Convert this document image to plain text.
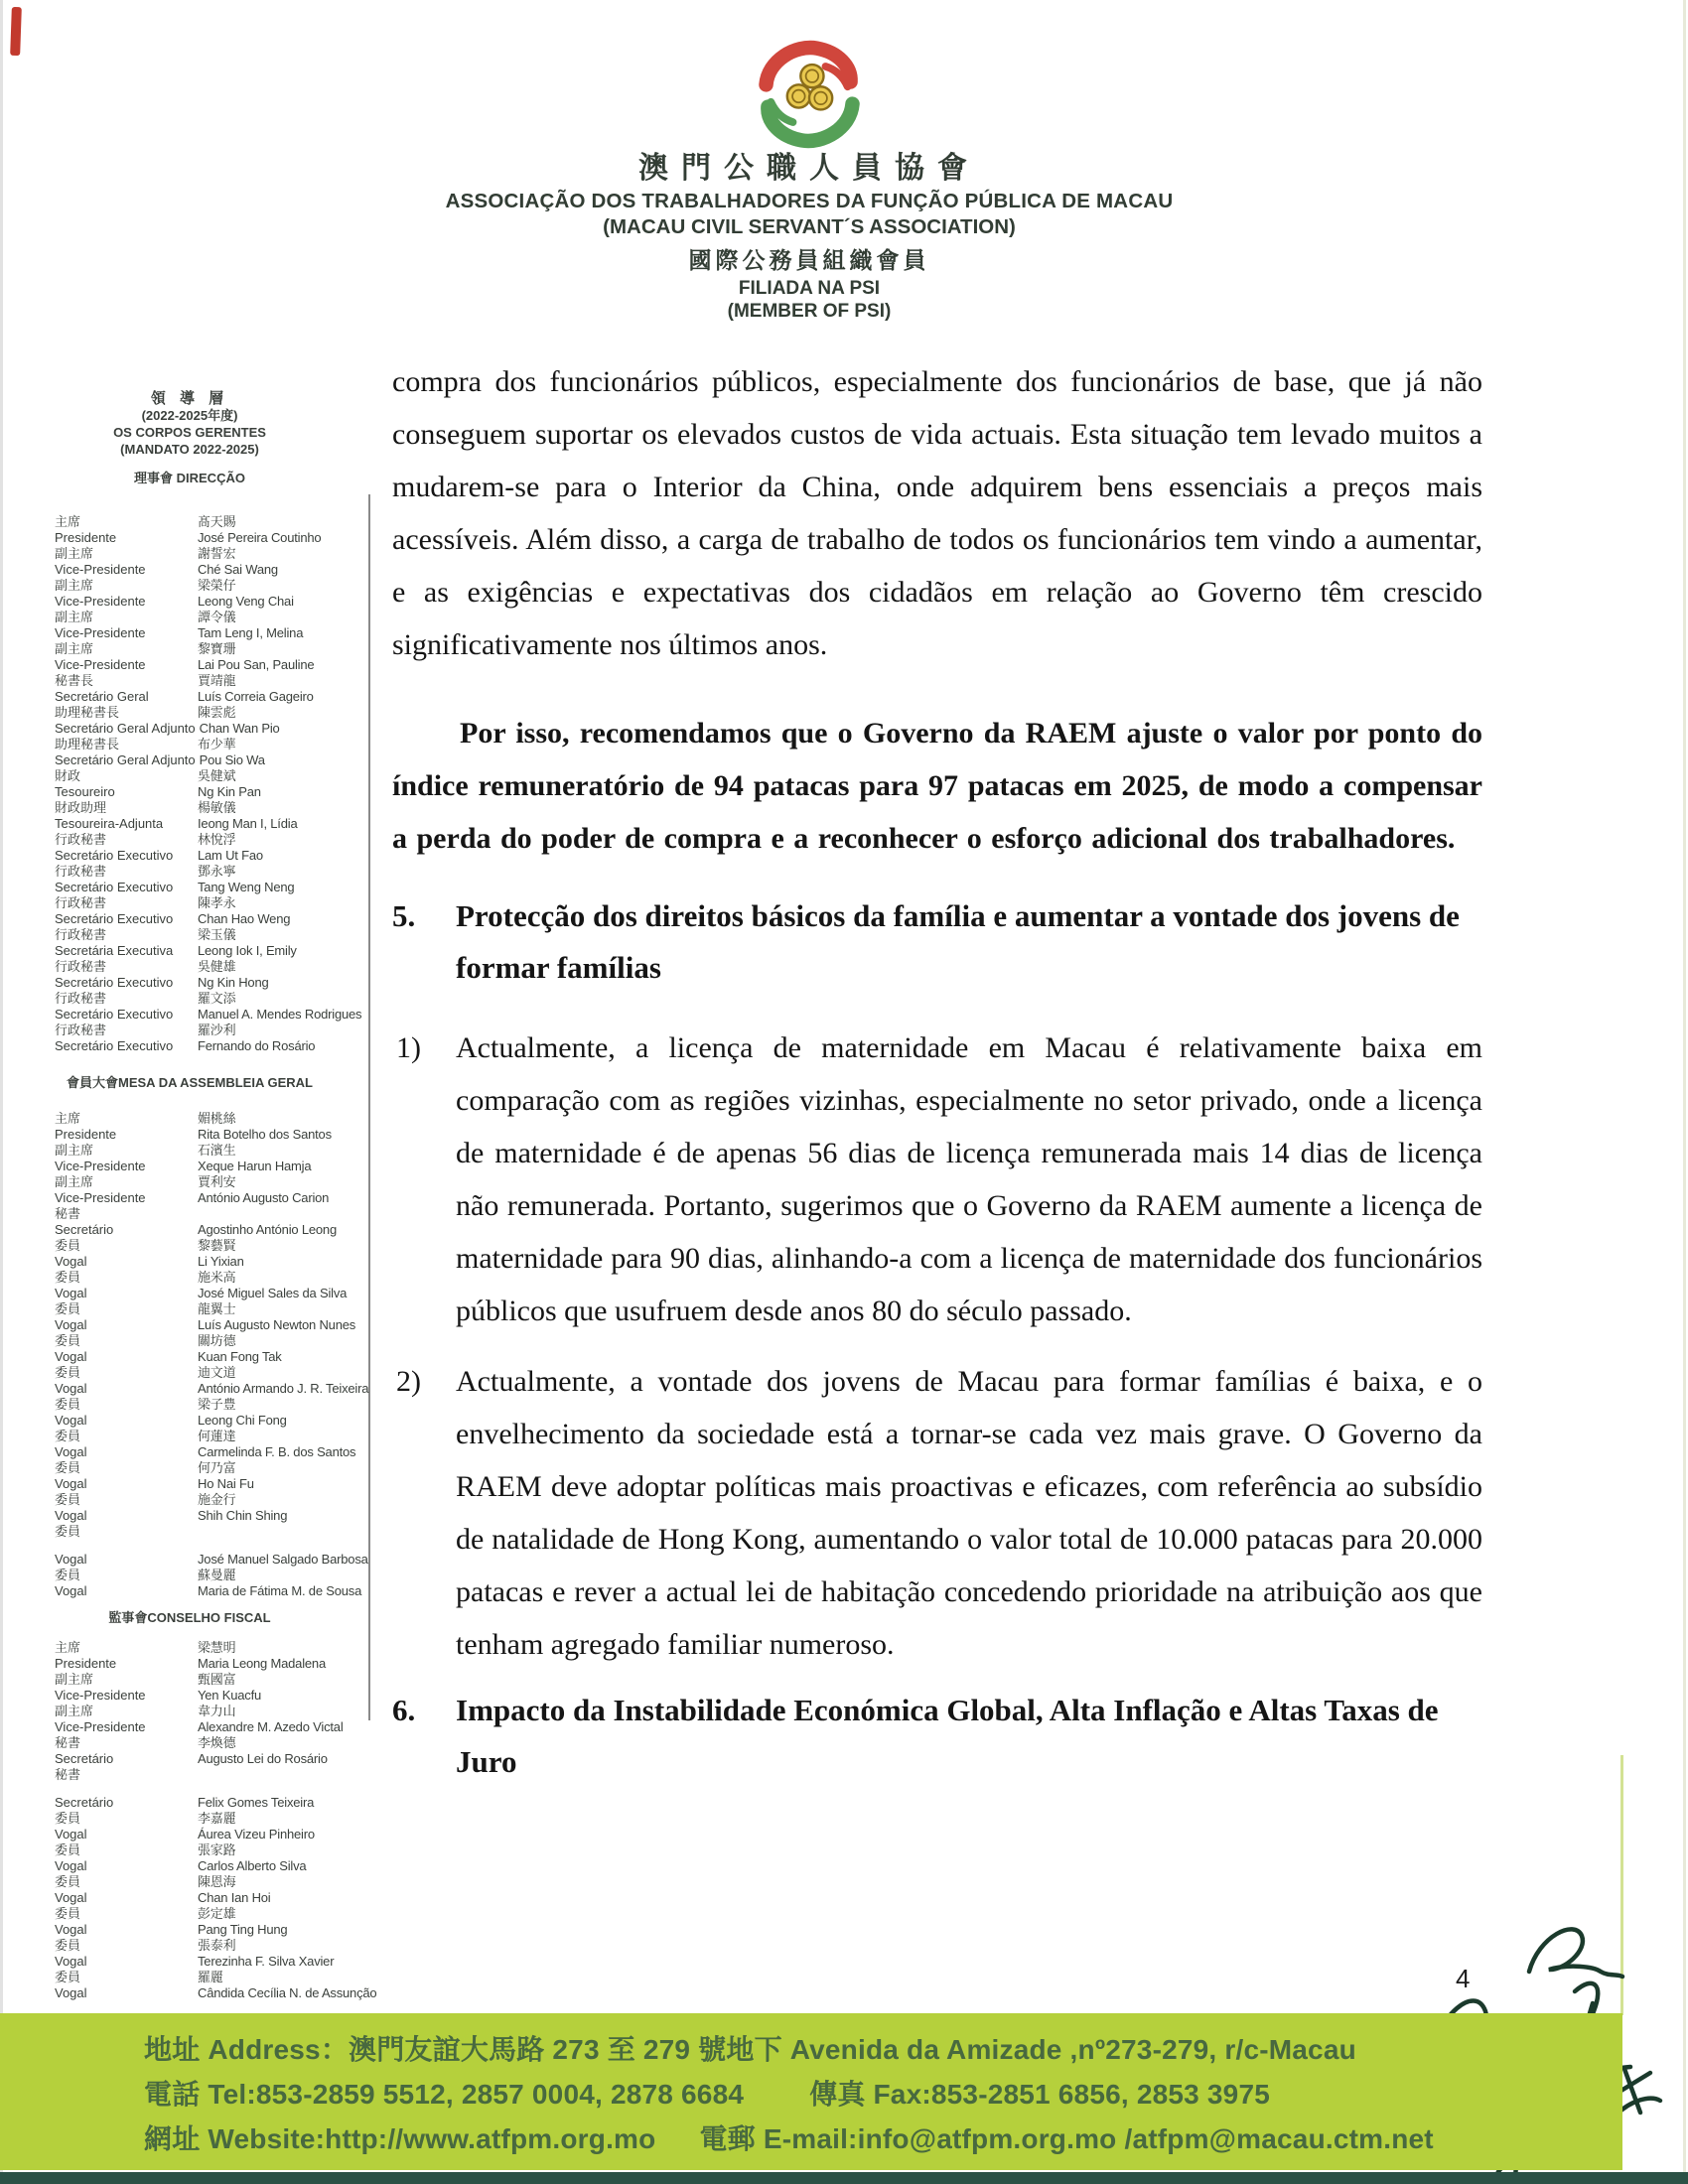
澳門公職人員協會
ASSOCIAÇÃO DOS TRABALHADORES DA FUNÇÃO PÚBLICA DE MACAU
(MACAU CIVIL SERVANT´S ASSOCIATION)
國際公務員組織會員
FILIADA NA PSI
(MEMBER OF PSI)
領 導 層
(2022-2025年度)
OS CORPOS GERENTES
(MANDATO 2022-2025)
理事會 DIRECÇÃO
主席	髙天賜
Presidente	José Pereira Coutinho
副主席	謝誓宏
Vice-Presidente	Ché Sai Wang
副主席	梁榮仔
Vice-Presidente	Leong Veng Chai
副主席	譚令儀
Vice-Presidente	Tam Leng I, Melina
副主席	黎寶珊
Vice-Presidente	Lai Pou San, Pauline
秘書長	賈靖龍
Secretário Geral	Luís Correia Gageiro
助理秘書長	陳雲彪
Secretário Geral Adjunto Chan Wan Pio
助理秘書長	布少華
Secretário Geral Adjunto Pou Sio Wa
財政	吳健斌
Tesoureiro	Ng Kin Pan
財政助理	楊敏儀
Tesoureira-Adjunta	Ieong Man I, Lídia
行政秘書	林悅浮
Secretário Executivo	Lam Ut Fao
行政秘書	鄧永寧
Secretário Executivo	Tang Weng Neng
行政秘書	陳孝永
Secretário Executivo	Chan Hao Weng
行政秘書	梁玉儀
Secretária Executiva	Leong Iok I, Emily
行政秘書	吳健雄
Secretário Executivo	Ng Kin Hong
行政秘書	羅文添
Secretário Executivo	Manuel A. Mendes Rodrigues
行政秘書	羅沙利
Secretário Executivo	Fernando do Rosário
會員大會MESA DA ASSEMBLEIA GERAL
主席	媚桃絲
Presidente	Rita Botelho dos Santos
副主席	石濱生
Vice-Presidente	Xeque Harun Hamja
副主席	賈利安
Vice-Presidente	António Augusto Carion
秘書
Secretário	Agostinho António Leong
委員	黎藝賢
Vogal	Li Yixian
委員	施米高
Vogal	José Miguel Sales da Silva
委員	龍翼士
Vogal	Luís Augusto Newton Nunes
委員	關坊德
Vogal	Kuan Fong Tak
委員	迪文道
Vogal	António Armando J. R. Teixeira
委員	梁子豊
Vogal	Leong Chi Fong
委員	何蓮達
Vogal	Carmelinda F. B. dos Santos
委員	何乃富
Vogal	Ho Nai Fu
委員	施金行
Vogal	Shih Chin Shing
委員
Vogal	José Manuel Salgado Barbosa
委員	蘇曼麗
Vogal	Maria de Fátima M. de Sousa
監事會CONSELHO FISCAL
主席	梁慧明
Presidente	Maria Leong Madalena
副主席	甄國富
Vice-Presidente	Yen Kuacfu
副主席	韋力山
Vice-Presidente	Alexandre M. Azedo Victal
秘書	李煥德
Secretário	Augusto Lei do Rosário
秘書
Secretário	Felix Gomes Teixeira
委員	李嘉麗
Vogal	Áurea Vizeu Pinheiro
委員	張家路
Vogal	Carlos Alberto Silva
委員	陳恩海
Vogal	Chan Ian Hoi
委員	彭定雄
Vogal	Pang Ting Hung
委員	張泰利
Vogal	Terezinha F. Silva Xavier
委員	羅麗
Vogal	Cândida Cecília N. de Assunção

compra dos funcionários públicos, especialmente dos funcionários de base, que já não conseguem suportar os elevados custos de vida actuais. Esta situação tem levado muitos a mudarem-se para o Interior da China, onde adquirem bens essenciais a preços mais acessíveis. Além disso, a carga de trabalho de todos os funcionários tem vindo a aumentar, e as exigências e expectativas dos cidadãos em relação ao Governo têm crescido significativamente nos últimos anos.

Por isso, recomendamos que o Governo da RAEM ajuste o valor por ponto do índice remuneratório de 94 patacas para 97 patacas em 2025, de modo a compensar a perda do poder de compra e a reconhecer o esforço adicional dos trabalhadores.

5.	Protecção dos direitos básicos da família e aumentar a vontade dos jovens de formar famílias
1) Actualmente, a licença de maternidade em Macau é relativamente baixa em comparação com as regiões vizinhas, especialmente no setor privado, onde a licença de maternidade é de apenas 56 dias de licença remunerada mais 14 dias de licença não remunerada. Portanto, sugerimos que o Governo da RAEM aumente a licença de maternidade para 90 dias, alinhando-a com a licença de maternidade dos funcionários públicos que usufruem desde anos 80 do século passado.
2) Actualmente, a vontade dos jovens de Macau para formar famílias é baixa, e o envelhecimento da sociedade está a tornar-se cada vez mais grave. O Governo da RAEM deve adoptar políticas mais proactivas e eficazes, com referência ao subsídio de natalidade de Hong Kong, aumentando o valor total de 10.000 patacas para 20.000 patacas e rever a actual lei de habitação concedendo prioridade na atribuição aos que tenham agregado familiar numeroso.
6.	Impacto da Instabilidade Económica Global, Alta Inflação e Altas Taxas de Juro
4
地址 Address：澳門友誼大馬路 273 至 279 號地下 Avenida da Amizade ,nº273-279, r/c-Macau
電話 Tel:853-2859 5512, 2857 0004, 2878 6684 傳真 Fax:853-2851 6856, 2853 3975
網址 Website:http://www.atfpm.org.mo 電郵 E-mail:info@atfpm.org.mo /atfpm@macau.ctm.net
